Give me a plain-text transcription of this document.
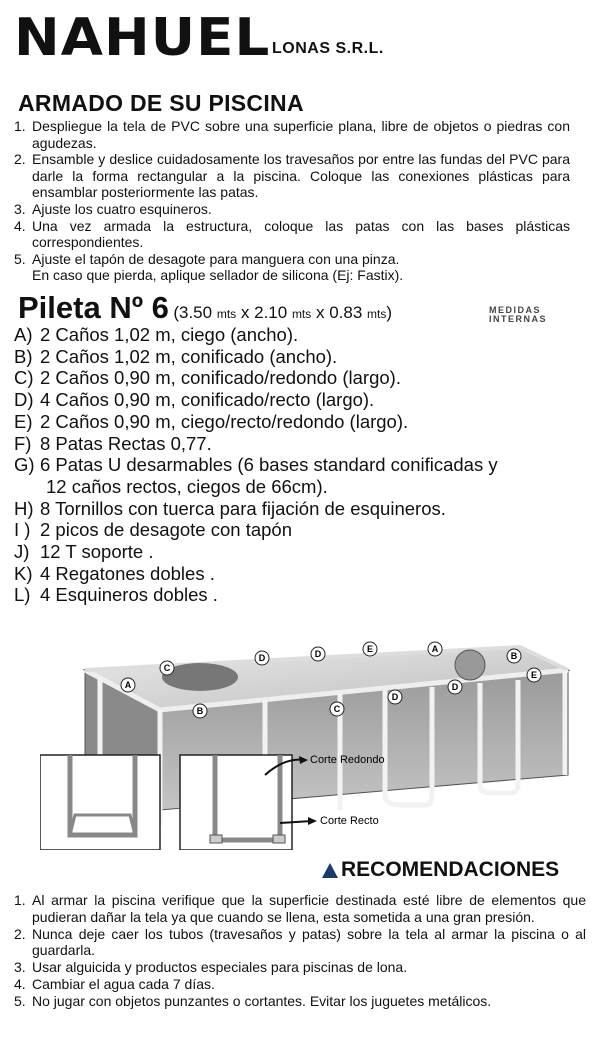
NAHUEL LONAS S.R.L.
ARMADO DE SU PISCINA
1. Despliegue la tela de PVC sobre una superficie plana, libre de objetos o piedras con agudezas.
2. Ensamble y deslice cuidadosamente los travesaños por entre las fundas del PVC para darle la forma rectangular a la piscina. Coloque las conexiones plásticas para ensamblar posteriormente las patas.
3. Ajuste los cuatro esquineros.
4. Una vez armada la estructura, coloque las patas con las bases plásticas correspondientes.
5. Ajuste el tapón de desagote para manguera con una pinza.
En caso que pierda, aplique sellador de silicona (Ej: Fastix).
Pileta Nº 6 (3.50 mts x 2.10 mts x 0.83 mts)	MEDIDAS
INTERNAS
A) 2 Caños 1,02 m, ciego (ancho).
B) 2 Caños 1,02 m, conificado (ancho).
C) 2 Caños 0,90 m, conificado/redondo (largo).
D) 4 Caños 0,90 m, conificado/recto (largo).
E) 2 Caños 0,90 m, ciego/recto/redondo (largo).
F) 8 Patas Rectas 0,77.
G) 6 Patas U desarmables (6 bases standard conificadas y
12 caños rectos, ciegos de 66cm).
H) 8 Tornillos con tuerca para fijación de esquineros.
I ) 2 picos de desagote con tapón
J) 12 T soporte .
K) 4 Regatones dobles .
L) 4 Esquineros dobles .
C
D	D	E	A
B
A
E
B
D
C
D
Corte Redondo
Corte Recto
RECOMENDACIONES
1. Al armar la piscina verifique que la superficie destinada esté libre de elementos que pudieran dañar la tela ya que cuando se llena, esta sometida a una gran presión.
2. Nunca deje caer los tubos (travesaños y patas) sobre la tela al armar la piscina o al guardarla.
3. Usar alguicida y productos especiales para piscinas de lona.
4. Cambiar el agua cada 7 días.
5. No jugar con objetos punzantes o cortantes. Evitar los juguetes metálicos.
